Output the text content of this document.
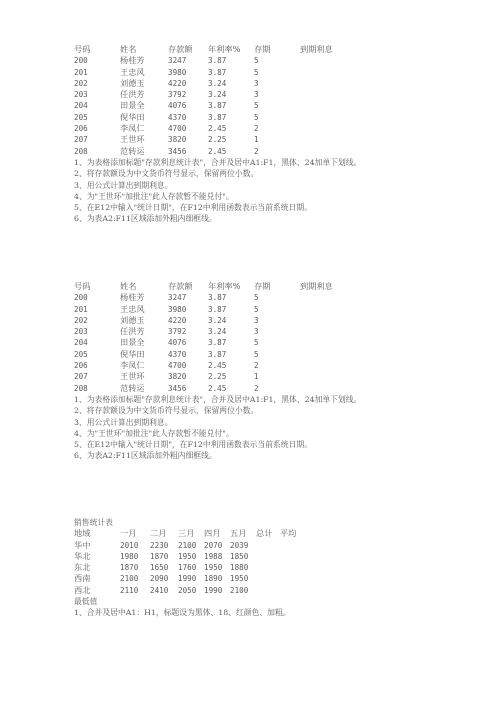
号码	姓名	存款额 年利率% 存期	到期利息
200	杨桂芳	3247	3.87	5
201	王忠风	3980	3.87	5
202	刘德玉	4220	3.24	3
203	任洪芳	3792	3.24	3
204	田景全	4076	3.87	5
205	倪华田	4370	3.87	5
206	李凤仁	4700	2.45	2
207	王世环	3820	2.25	1
208	范转运	3456	2.45	2
1、为表格添加标题"存款利息统计表"，合并及居中A1:F1，黑体、24加单下划线。
2、将存款额设为中文货币符号显示，保留两位小数。
3、用公式计算出到期利息。
4、为"王世环"加批注"此人存款暂不能兑付"。
5、在E12中输入"统计日期"，在F12中利用函数表示当前系统日期。
6、为表A2:F11区域添加外粗内细框线。
号码	姓名	存款额 年利率% 存期	到期利息
200	杨桂芳	3247	3.87	5
201	王忠风	3980	3.87	5
202	刘德玉	4220	3.24	3
203	任洪芳	3792	3.24	3
204	田景全	4076	3.87	5
205	倪华田	4370	3.87	5
206	李凤仁	4700	2.45	2
207	王世环	3820	2.25	1
208	范转运	3456	2.45	2
1、为表格添加标题"存款利息统计表"，合并及居中A1:F1，黑体、24加单下划线。
2、将存款额设为中文货币符号显示，保留两位小数。
3、用公式计算出到期利息。
4、为"王世环"加批注"此人存款暂不能兑付"。
5、在E12中输入"统计日期"，在F12中利用函数表示当前系统日期。
6、为表A2:F11区域添加外粗内细框线。
销售统计表
地域	一月 二月 三月 四月 五月 总计 平均
华中	2010 2230 2100 2070 2039
华北	1980 1870 1950 1988 1850
东北	1870 1650 1760 1950 1880
西南	2100 2090 1990 1890 1950
西北	2110 2410 2050 1990 2100
最低值
1、合并及居中A1：H1，标题设为黑体、18、红颜色、加粗。
